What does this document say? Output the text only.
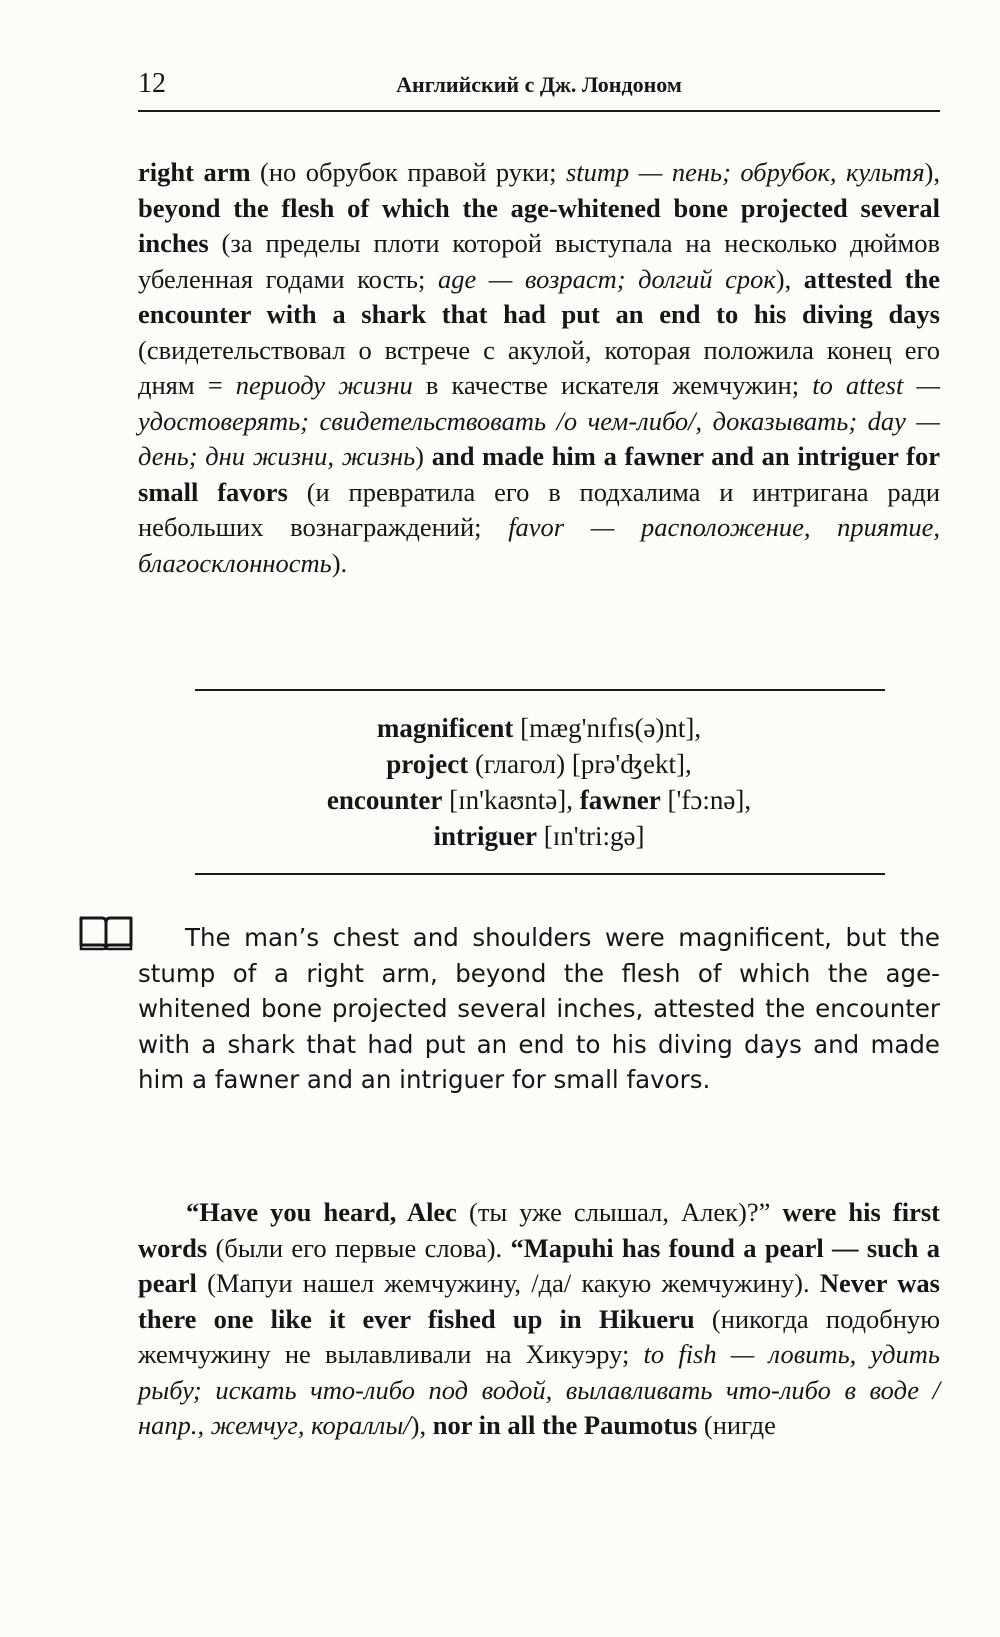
12	Английский с Дж. Лондоном
right arm (но обрубок правой руки; stump — пень; обрубок, культя), beyond the flesh of which the age-whitened bone projected several inches (за пределы плоти которой выступала на несколько дюймов убеленная годами кость; age — возраст; долгий срок), attested the encounter with a shark that had put an end to his diving days (свидетельствовал о встрече с акулой, которая положила конец его дням = периоду жизни в качестве искателя жемчужин; to attest — удостоверять; свидетельствовать /о чем-либо/, доказывать; day — день; дни жизни, жизнь) and made him a fawner and an intriguer for small favors (и превратила его в подхалима и интригана ради небольших вознаграждений; favor — расположение, приятие, благосклонность).
magnificent [mæg'nɪfɪs(ə)nt],
project (глагол) [prə'ʤekt],
encounter [ɪn'kaʊntə], fawner ['fɔ:nə],
intriguer [ɪn'tri:gə]
The man’s chest and shoulders were magnificent, but the stump of a right arm, beyond the flesh of which the age-whitened bone projected several inches, attested the encounter with a shark that had put an end to his diving days and made him a fawner and an intriguer for small favors.
“Have you heard, Alec (ты уже слышал, Алек)?” were his first words (были его первые слова). “Mapuhi has found a pearl — such a pearl (Мапуи нашел жемчужину, /да/ какую жемчужину). Never was there one like it ever fished up in Hikueru (никогда подобную жемчужину не вылавливали на Хикуэру; to fish — ловить, удить рыбу; искать что-либо под водой, вылавливать что-либо в воде /напр., жемчуг, кораллы/), nor in all the Paumotus (нигде
